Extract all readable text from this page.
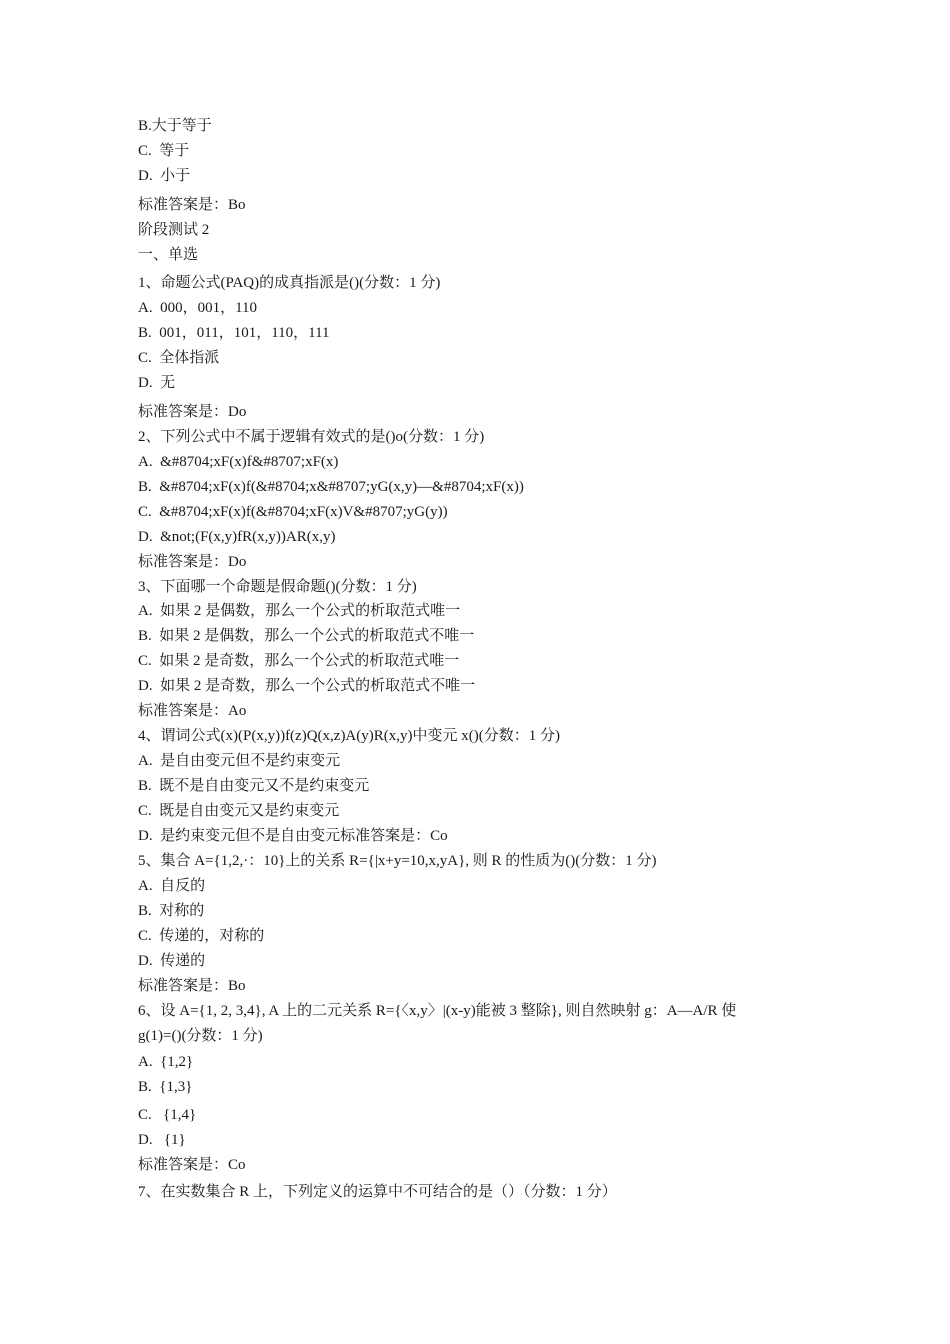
B.大于等于
C.  等于
D.  小于
标准答案是：Bo
阶段测试 2
一、单选
1、命题公式(PAQ)的成真指派是()(分数：1 分)
A.  000，001，110
B.  001，011，101，110，111
C.  全体指派
D.  无
标准答案是：Do
2、下列公式中不属于逻辑有效式的是()o(分数：1 分)
A.  &#8704;xF(x)f&#8707;xF(x)
B.  &#8704;xF(x)f(&#8704;x&#8707;yG(x,y)—&#8704;xF(x))
C.  &#8704;xF(x)f(&#8704;xF(x)V&#8707;yG(y))
D.  &not;(F(x,y)fR(x,y))AR(x,y)
标准答案是：Do
3、下面哪一个命题是假命题()(分数：1 分)
A.  如果 2 是偶数，那么一个公式的析取范式唯一
B.  如果 2 是偶数，那么一个公式的析取范式不唯一
C.  如果 2 是奇数，那么一个公式的析取范式唯一
D.  如果 2 是奇数，那么一个公式的析取范式不唯一
标准答案是：Ao
4、谓词公式(x)(P(x,y))f(z)Q(x,z)A(y)R(x,y)中变元 x()(分数：1 分)
A.  是自由变元但不是约束变元
B.  既不是自由变元又不是约束变元
C.  既是自由变元又是约束变元
D.  是约束变元但不是自由变元标准答案是：Co
5、集合 A={1,2,·：10}上的关系 R={|x+y=10,x,yA}, 则 R 的性质为()(分数：1 分)
A.  自反的
B.  对称的
C.  传递的，对称的
D.  传递的
标准答案是：Bo
6、设 A={1, 2, 3,4}, A 上的二元关系 R={〈x,y〉|(x-y)能被 3 整除}, 则自然映射 g：A—A/R 使
g(1)=()(分数：1 分)
A.  {1,2}
B.  {1,3}
C.   {1,4}
D.   {1}
标准答案是：Co
7、在实数集合 R 上，下列定义的运算中不可结合的是（）（分数：1 分）
